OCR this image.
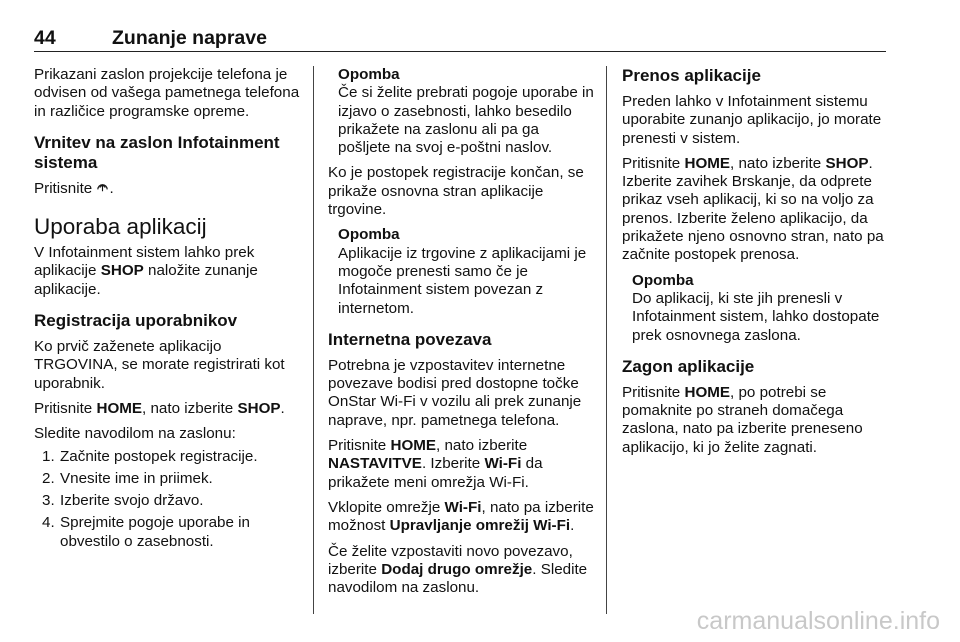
44	Zunanje naprave

Prikazani zaslon projekcije telefona je odvisen od vašega pametnega telefona in različice programske opreme.

Vrnitev na zaslon Infotainment sistema

Pritisnite .

Uporaba aplikacij

V Infotainment sistem lahko prek aplikacije SHOP naložite zunanje aplikacije.

Registracija uporabnikov

Ko prvič zaženete aplikacijo TRGOVINA, se morate registrirati kot uporabnik.

Pritisnite HOME, nato izberite SHOP.

Sledite navodilom na zaslonu:

1. Začnite postopek registracije.
2. Vnesite ime in priimek.
3. Izberite svojo državo.
4. Sprejmite pogoje uporabe in obvestilo o zasebnosti.
Opomba
Če si želite prebrati pogoje uporabe in izjavo o zasebnosti, lahko besedilo prikažete na zaslonu ali pa ga pošljete na svoj e-poštni naslov.

Ko je postopek registracije končan, se prikaže osnovna stran aplikacije trgovine.

Opomba
Aplikacije iz trgovine z aplikacijami je mogoče prenesti samo če je Infotainment sistem povezan z internetom.
Internetna povezava

Potrebna je vzpostavitev internetne povezave bodisi pred dostopne točke OnStar Wi-Fi v vozilu ali prek zunanje naprave, npr. pametnega telefona.

Pritisnite HOME, nato izberite NASTAVITVE. Izberite Wi-Fi da prikažete meni omrežja Wi-Fi.

Vklopite omrežje Wi-Fi, nato pa izberite možnost Upravljanje omrežij Wi-Fi.

Če želite vzpostaviti novo povezavo, izberite Dodaj drugo omrežje. Sledite navodilom na zaslonu.

Prenos aplikacije

Preden lahko v Infotainment sistemu uporabite zunanjo aplikacijo, jo morate prenesti v sistem.

Pritisnite HOME, nato izberite SHOP. Izberite zavihek Brskanje, da odprete prikaz vseh aplikacij, ki so na voljo za prenos. Izberite želeno aplikacijo, da prikažete njeno osnovno stran, nato pa začnite postopek prenosa.

Opomba
Do aplikacij, ki ste jih prenesli v Infotainment sistem, lahko dostopate prek osnovnega zaslona.
Zagon aplikacije

Pritisnite HOME, po potrebi se pomaknite po straneh domačega zaslona, nato pa izberite preneseno aplikacijo, ki jo želite zagnati.

carmanualsonline.info
